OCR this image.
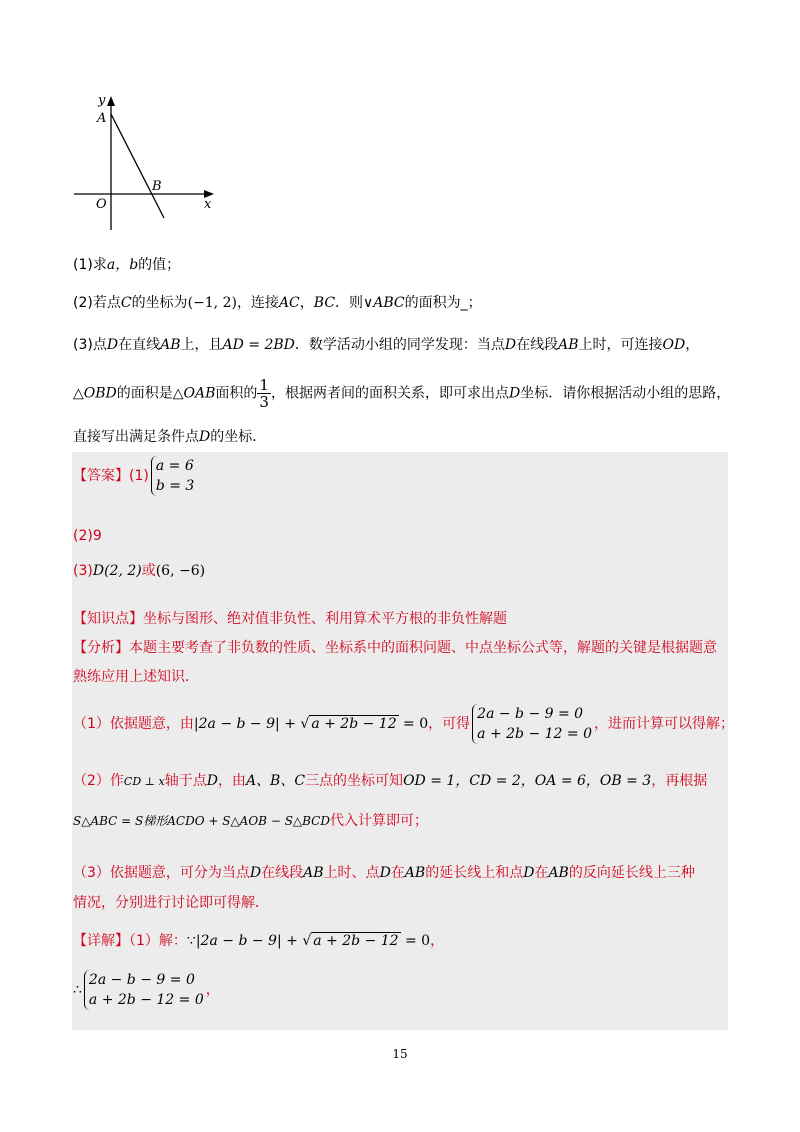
y
A
B
O	x
(1)求a，b的值；
(2)若点C的坐标为(−1, 2)，连接AC，BC．则∨ABC的面积为_；
(3)点D在直线AB上，且AD = 2BD．数学活动小组的同学发现：当点D在线段AB上时，可连接OD，
△OBD的面积是△OAB面积的 $\frac{1}{3}$ ，根据两者间的面积关系，即可求出点D坐标．请你根据活动小组的思路，
直接写出满足条件点D的坐标．
【答案】(1)
a = 6
b = 3
(2)9
(3)D(2, 2)或(6, −6)
【知识点】坐标与图形、绝对值非负性、利用算术平方根的非负性解题
【分析】本题主要考查了非负数的性质、坐标系中的面积问题、中点坐标公式等，解题的关键是根据题意
熟练应用上述知识．
（1）依据题意，由|2a − b − 9| + √ a + 2b − 12 = 0，可得
2a − b − 9 = 0
a + 2b − 12 = 0
，进而计算可以得解；
（2）作CD ⊥ x轴于点D，由A、B、C三点的坐标可知OD = 1，CD = 2，OA = 6，OB = 3，再根据
S△ABC = S梯形ACDO + S△AOB − S△BCD代入计算即可；
（3）依据题意，可分为当点D在线段AB上时、点D在AB的延长线上和点D在AB的反向延长线上三种
情况，分别进行讨论即可得解．
【详解】（1）解：∵|2a − b − 9| + √ a + 2b − 12 = 0，
∴
2a − b − 9 = 0
a + 2b − 12 = 0
，
15
